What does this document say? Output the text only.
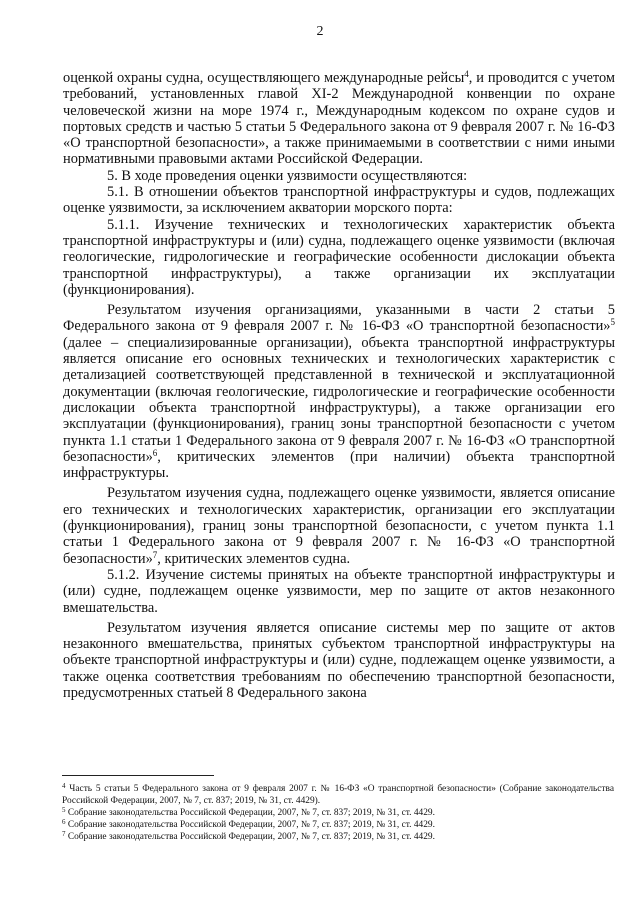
2

оценкой охраны судна, осуществляющего международные рейсы$^4$, и проводится с учетом требований, установленных главой XI-2 Международной конвенции по охране человеческой жизни на море 1974 г., Международным кодексом по охране судов и портовых средств и частью 5 статьи 5 Федерального закона от 9 февраля 2007 г. № 16-ФЗ «О транспортной безопасности», а также принимаемыми в соответствии с ними иными нормативными правовыми актами Российской Федерации.

5. В ходе проведения оценки уязвимости осуществляются:

5.1. В отношении объектов транспортной инфраструктуры и судов, подлежащих оценке уязвимости, за исключением акватории морского порта:

5.1.1. Изучение технических и технологических характеристик объекта транспортной инфраструктуры и (или) судна, подлежащего оценке уязвимости (включая геологические, гидрологические и географические особенности дислокации объекта транспортной инфраструктуры), а также организации их эксплуатации (функционирования).

Результатом изучения организациями, указанными в части 2 статьи 5 Федерального закона от 9 февраля 2007 г. № 16-ФЗ «О транспортной безопасности»$^5$ (далее – специализированные организации), объекта транспортной инфраструктуры является описание его основных технических и технологических характеристик с детализацией соответствующей представленной в технической и эксплуатационной документации (включая геологические, гидрологические и географические особенности дислокации объекта транспортной инфраструктуры), а также организации его эксплуатации (функционирования), границ зоны транспортной безопасности с учетом пункта 1.1 статьи 1 Федерального закона от 9 февраля 2007 г. № 16-ФЗ «О транспортной безопасности»$^6$, критических элементов (при наличии) объекта транспортной инфраструктуры.

Результатом изучения судна, подлежащего оценке уязвимости, является описание его технических и технологических характеристик, организации его эксплуатации (функционирования), границ зоны транспортной безопасности, с учетом пункта 1.1 статьи 1 Федерального закона от 9 февраля 2007 г. № 16-ФЗ «О транспортной безопасности»$^7$, критических элементов судна.

5.1.2. Изучение системы принятых на объекте транспортной инфраструктуры и (или) судне, подлежащем оценке уязвимости, мер по защите от актов незаконного вмешательства.

Результатом изучения является описание системы мер по защите от актов незаконного вмешательства, принятых субъектом транспортной инфраструктуры на объекте транспортной инфраструктуры и (или) судне, подлежащем оценке уязвимости, а также оценка соответствия требованиям по обеспечению транспортной безопасности, предусмотренных статьей 8 Федерального закона

$^4$ Часть 5 статьи 5 Федерального закона от 9 февраля 2007 г. № 16-ФЗ «О транспортной безопасности» (Собрание законодательства Российской Федерации, 2007, № 7, ст. 837; 2019, № 31, ст. 4429).

$^5$ Собрание законодательства Российской Федерации, 2007, № 7, ст. 837; 2019, № 31, ст. 4429.

$^6$ Собрание законодательства Российской Федерации, 2007, № 7, ст. 837; 2019, № 31, ст. 4429.

$^7$ Собрание законодательства Российской Федерации, 2007, № 7, ст. 837; 2019, № 31, ст. 4429.
